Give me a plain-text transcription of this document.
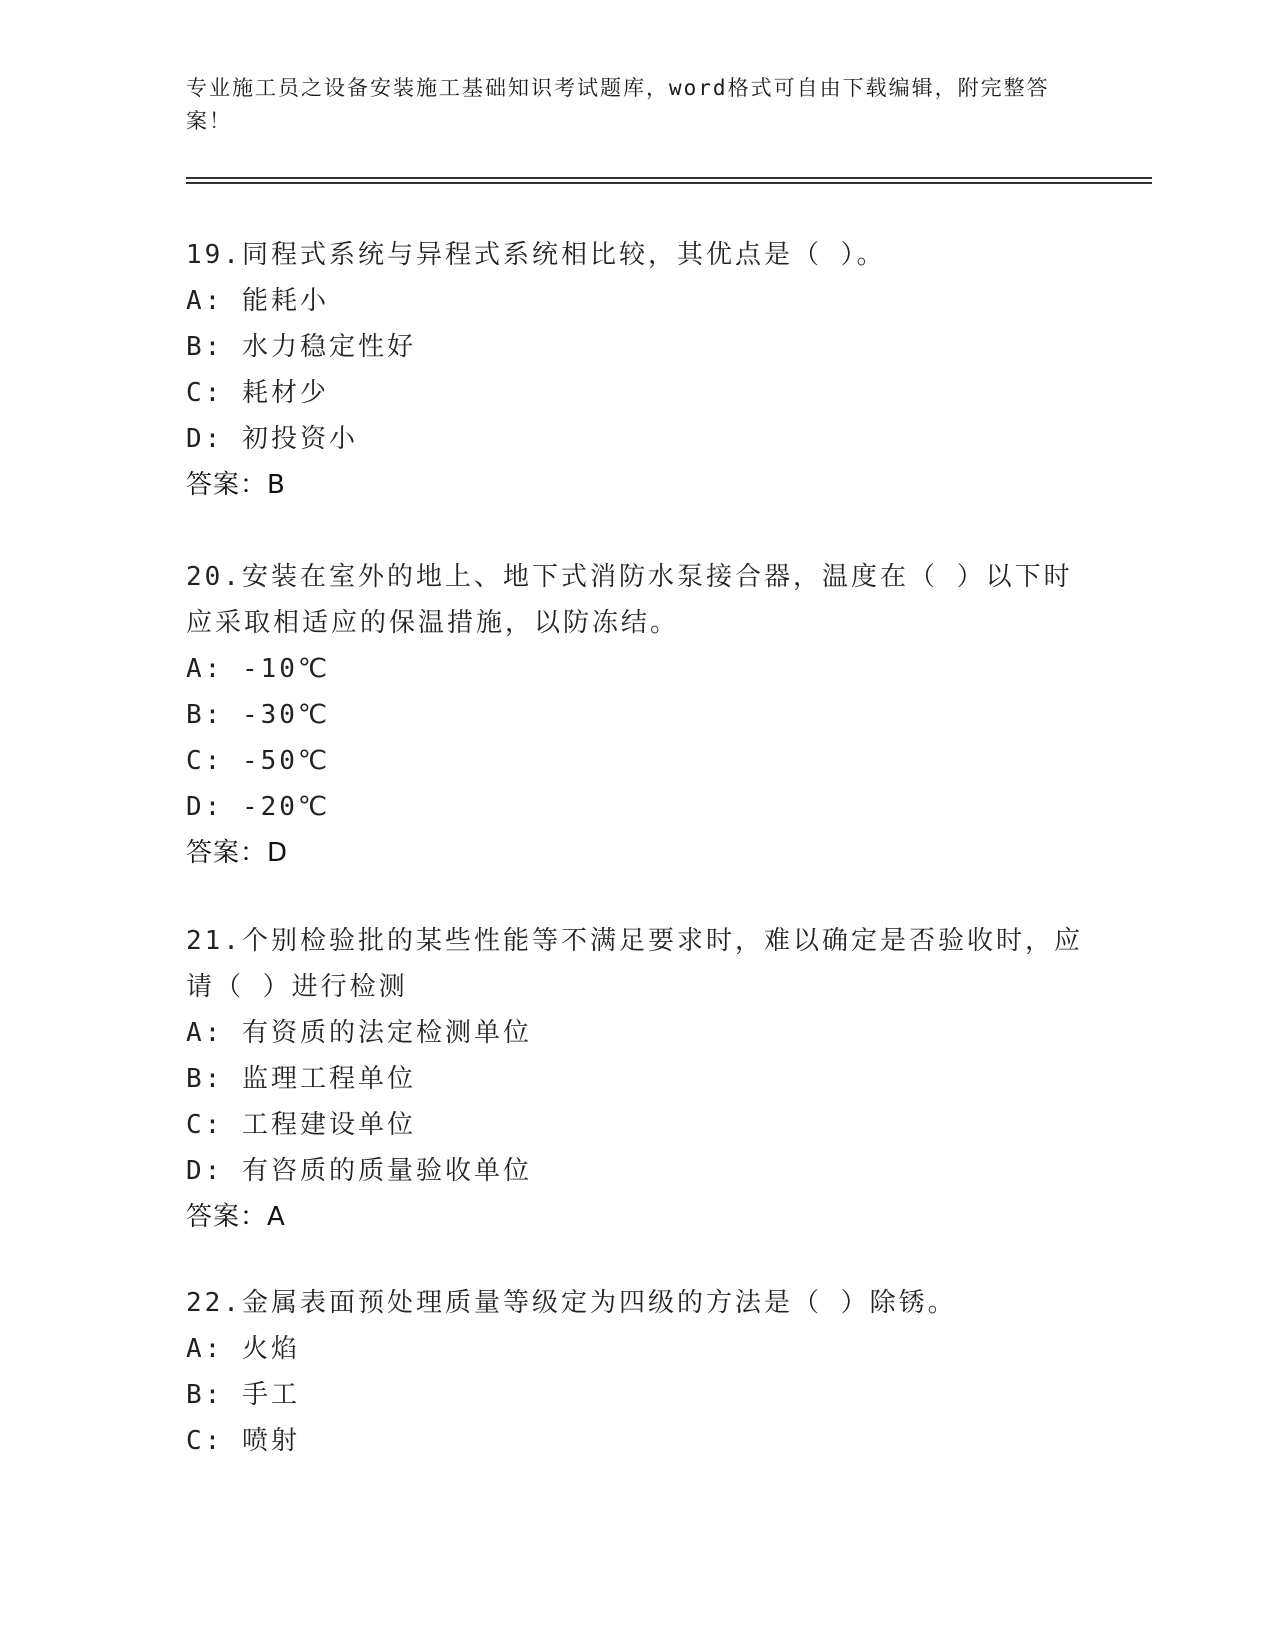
专业施工员之设备安装施工基础知识考试题库，word格式可自由下载编辑，附完整答案！
19.同程式系统与异程式系统相比较，其优点是（ ）。
A: 能耗小
B: 水力稳定性好
C: 耗材少
D: 初投资小
答案：B
20.安装在室外的地上、地下式消防水泵接合器，温度在（ ）以下时应采取相适应的保温措施，以防冻结。
A: -10℃
B: -30℃
C: -50℃
D: -20℃
答案：D
21.个别检验批的某些性能等不满足要求时，难以确定是否验收时，应请（ ）进行检测
A: 有资质的法定检测单位
B: 监理工程单位
C: 工程建设单位
D: 有咨质的质量验收单位
答案：A
22.金属表面预处理质量等级定为四级的方法是（ ）除锈。
A: 火焰
B: 手工
C: 喷射
